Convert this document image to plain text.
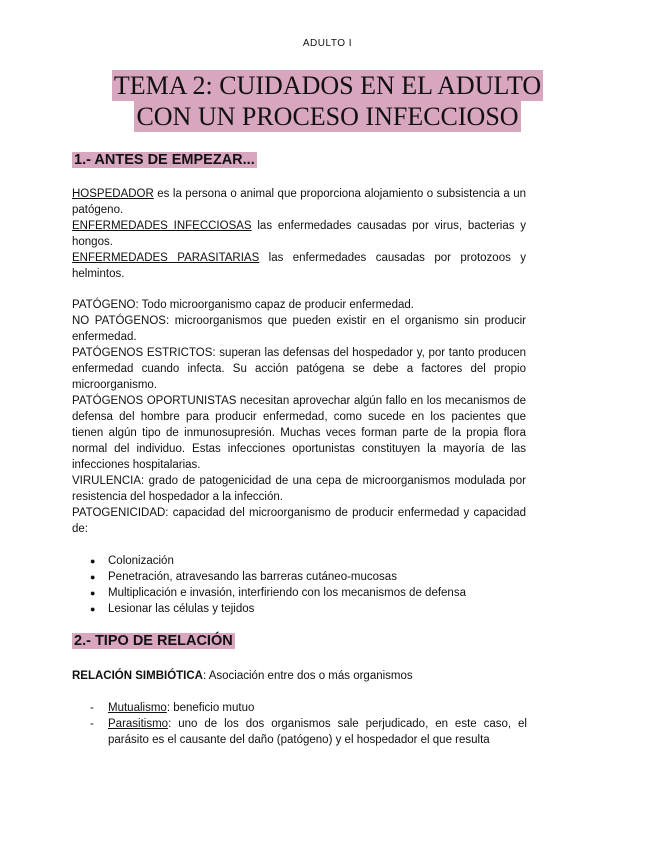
ADULTO I
TEMA 2: CUIDADOS EN EL ADULTO
CON UN PROCESO INFECCIOSO
1.- ANTES DE EMPEZAR...

HOSPEDADOR es la persona o animal que proporciona alojamiento o subsistencia a un patógeno.

ENFERMEDADES INFECCIOSAS las enfermedades causadas por virus, bacterias y hongos.

ENFERMEDADES PARASITARIAS las enfermedades causadas por protozoos y helmintos.

PATÓGENO: Todo microorganismo capaz de producir enfermedad.

NO PATÓGENOS: microorganismos que pueden existir en el organismo sin producir enfermedad.

PATÓGENOS ESTRICTOS: superan las defensas del hospedador y, por tanto producen enfermedad cuando infecta. Su acción patógena se debe a factores del propio microorganismo.

PATÓGENOS OPORTUNISTAS necesitan aprovechar algún fallo en los mecanismos de defensa del hombre para producir enfermedad, como sucede en los pacientes que tienen algún tipo de inmunosupresión. Muchas veces forman parte de la propia flora normal del individuo. Estas infecciones oportunistas constituyen la mayoría de las infecciones hospitalarias.

VIRULENCIA: grado de patogenicidad de una cepa de microorganismos modulada por resistencia del hospedador a la infección.

PATOGENICIDAD: capacidad del microorganismo de producir enfermedad y capacidad de:

● Colonización
● Penetración, atravesando las barreras cutáneo-mucosas
● Multiplicación e invasión, interfiriendo con los mecanismos de defensa
● Lesionar las células y tejidos
2.- TIPO DE RELACIÓN
RELACIÓN SIMBIÓTICA: Asociación entre dos o más organismos
- Mutualismo: beneficio mutuo
- Parasitismo: uno de los dos organismos sale perjudicado, en este caso, el parásito es el causante del daño (patógeno) y el hospedador el que resulta
